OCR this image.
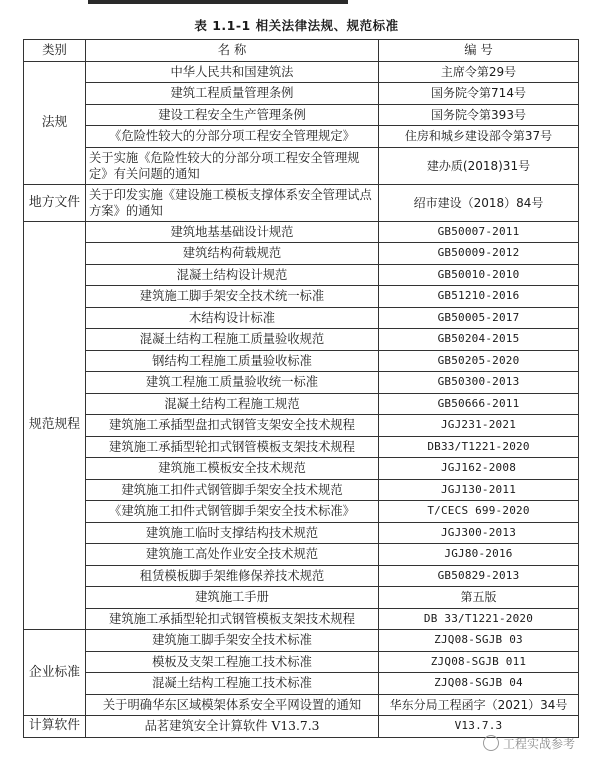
表 1.1-1 相关法律法规、规范标准
类别	名 称	编 号
法规	中华人民共和国建筑法	主席令第29号
	建筑工程质量管理条例	国务院令第714号
	建设工程安全生产管理条例	国务院令第393号
	《危险性较大的分部分项工程安全管理规定》	住房和城乡建设部令第37号
	关于实施《危险性较大的分部分项工程安全管理规定》有关问题的通知	建办质(2018)31号
地方文件	关于印发实施《建设施工模板支撑体系安全管理试点方案》的通知	绍市建设（2018）84号
规范规程	建筑地基基础设计规范	GB50007-2011
	建筑结构荷载规范	GB50009-2012
	混凝土结构设计规范	GB50010-2010
	建筑施工脚手架安全技术统一标准	GB51210-2016
	木结构设计标准	GB50005-2017
	混凝土结构工程施工质量验收规范	GB50204-2015
	钢结构工程施工质量验收标准	GB50205-2020
	建筑工程施工质量验收统一标准	GB50300-2013
	混凝土结构工程施工规范	GB50666-2011
	建筑施工承插型盘扣式钢管支架安全技术规程	JGJ231-2021
	建筑施工承插型轮扣式钢管模板支架技术规程	DB33/T1221-2020
	建筑施工模板安全技术规范	JGJ162-2008
	建筑施工扣件式钢管脚手架安全技术规范	JGJ130-2011
	《建筑施工扣件式钢管脚手架安全技术标准》	T/CECS 699-2020
	建筑施工临时支撑结构技术规范	JGJ300-2013
	建筑施工高处作业安全技术规范	JGJ80-2016
	租赁模板脚手架维修保养技术规范	GB50829-2013
	建筑施工手册	第五版
	建筑施工承插型轮扣式钢管模板支架技术规程	DB 33/T1221-2020
企业标准	建筑施工脚手架安全技术标准	ZJQ08-SGJB 03
	模板及支架工程施工技术标准	ZJQ08-SGJB 011
	混凝土结构工程施工技术标准	ZJQ08-SGJB 04
	关于明确华东区域模架体系安全平网设置的通知	华东分局工程函字（2021）34号
计算软件	品茗建筑安全计算软件 V13.7.3	V13.7.3
工程实战参考
